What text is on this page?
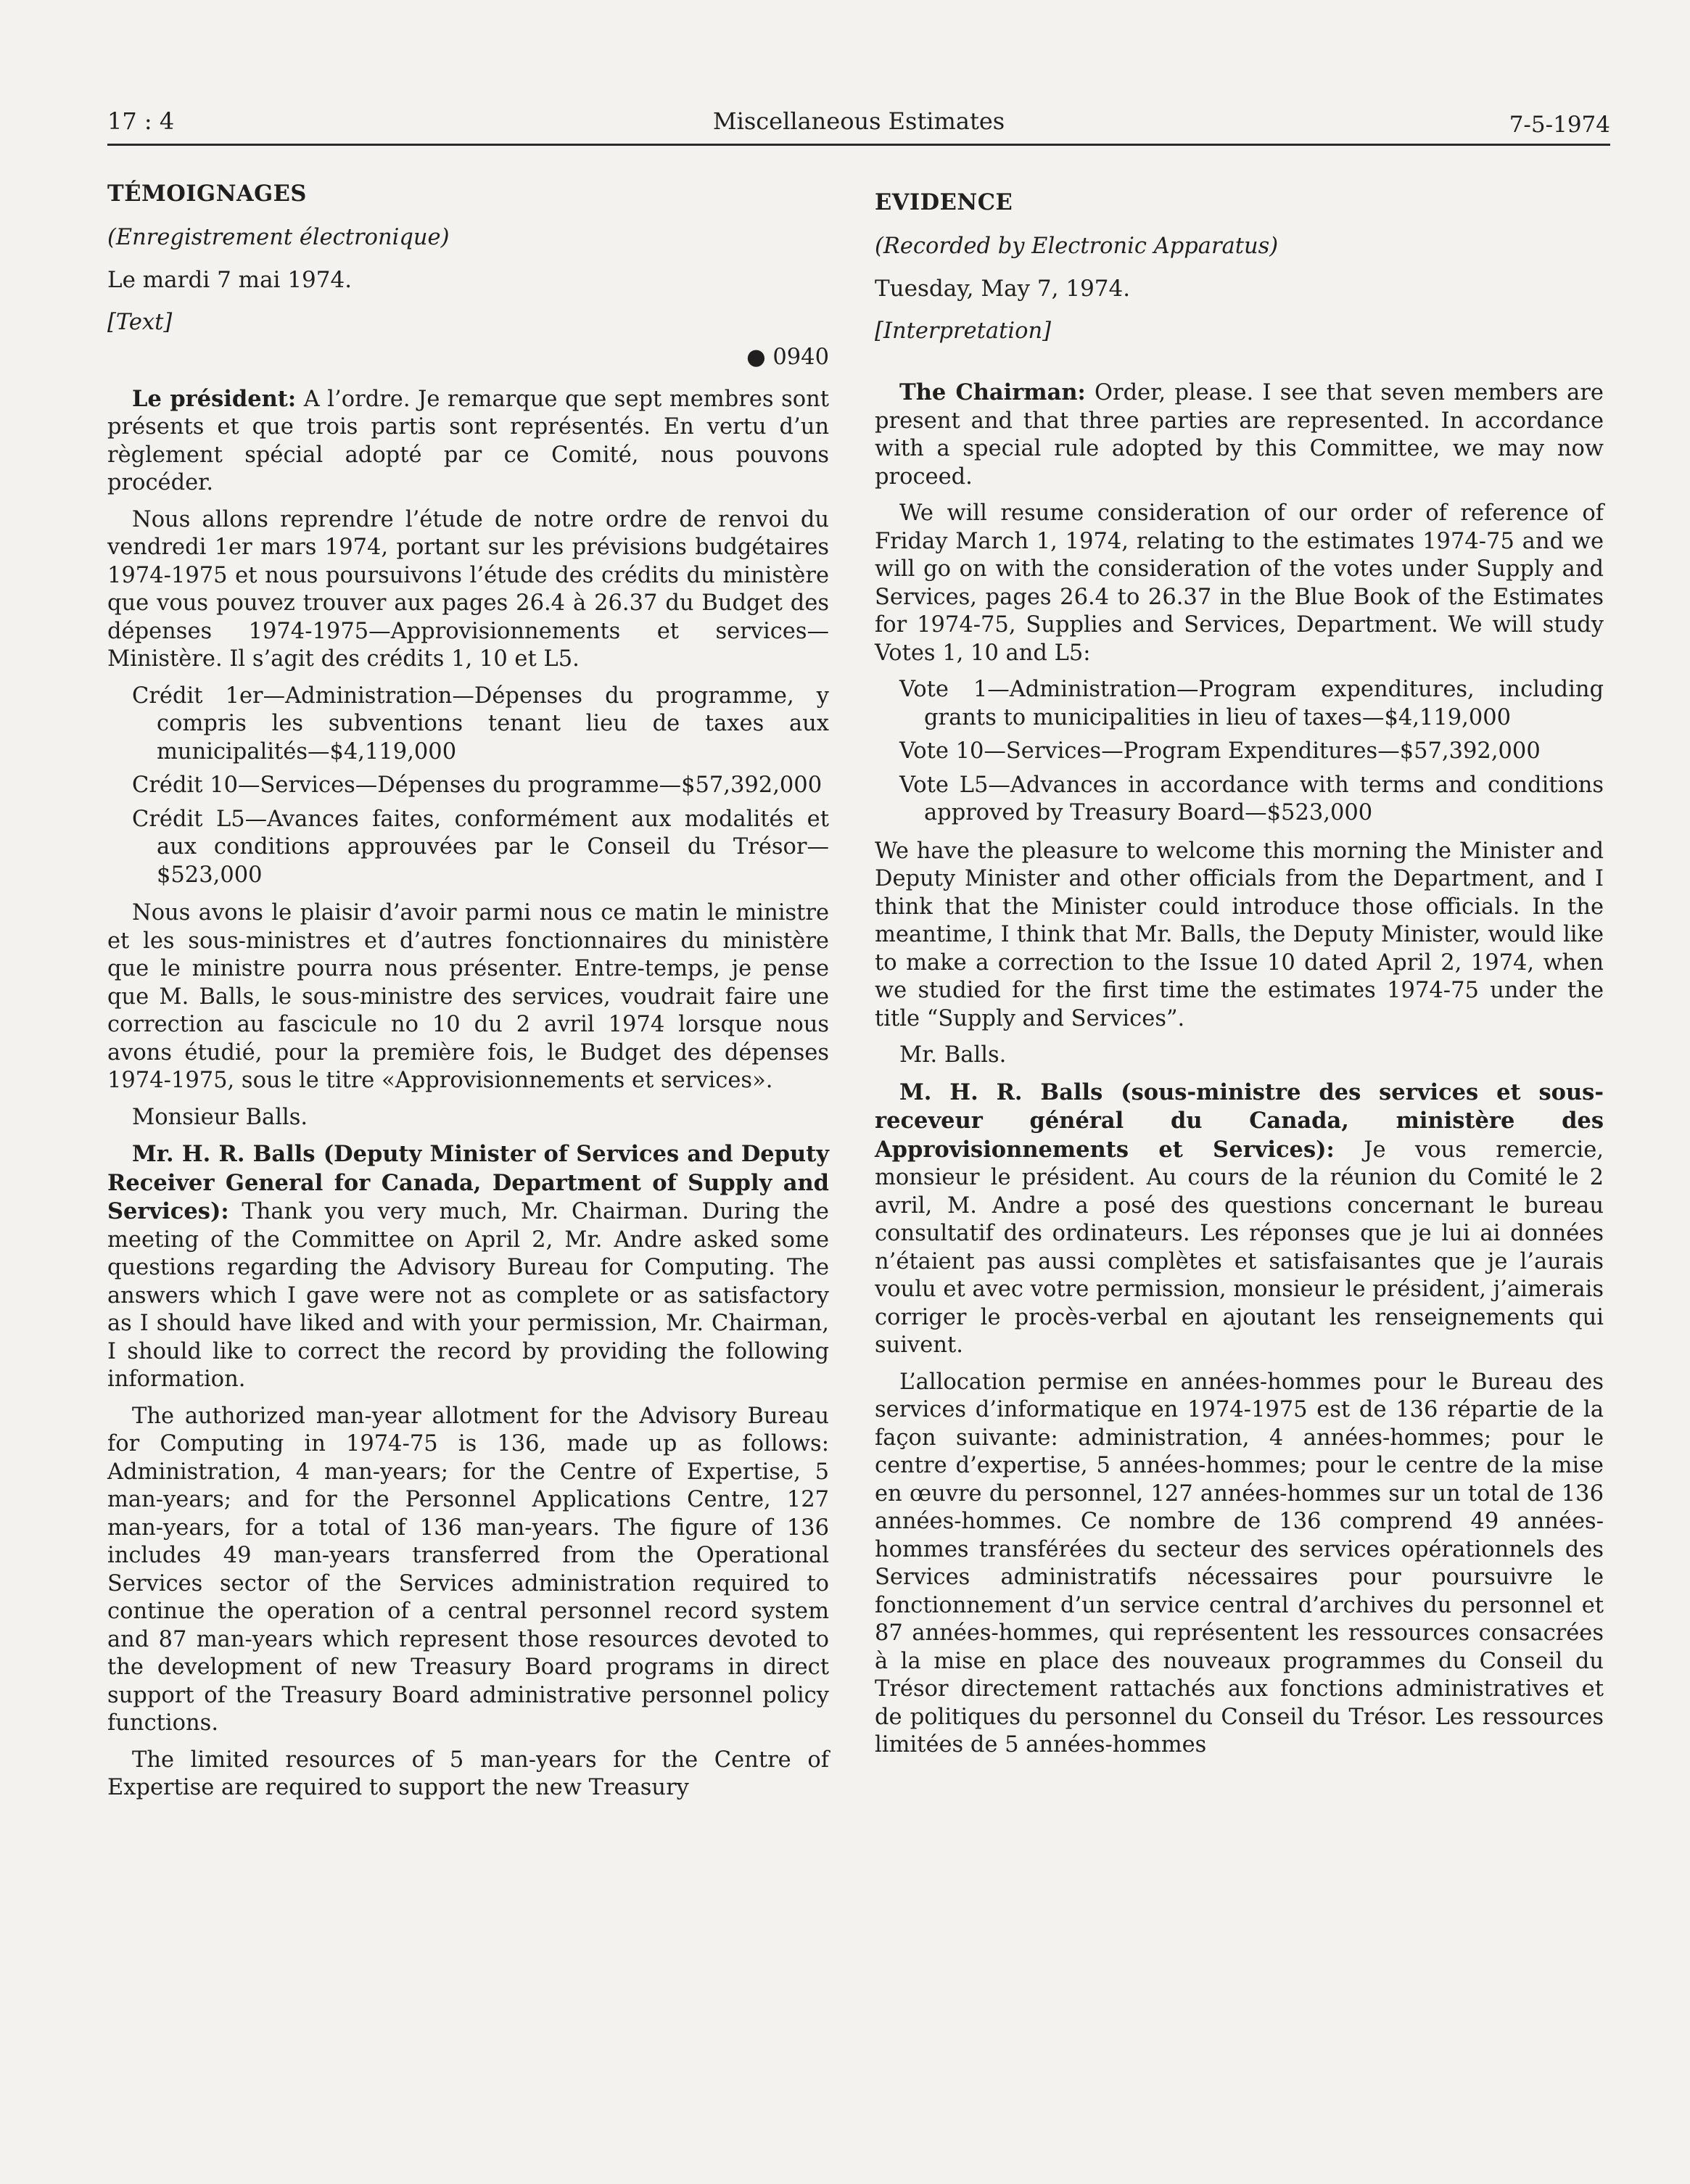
17 : 4	Miscellaneous Estimates	7-5-1974

TÉMOIGNAGES

(Enregistrement électronique)

Le mardi 7 mai 1974.

[Text]

● 0940

Le président: A l’ordre. Je remarque que sept membres sont présents et que trois partis sont représentés. En vertu d’un règlement spécial adopté par ce Comité, nous pouvons procéder.

Nous allons reprendre l’étude de notre ordre de renvoi du vendredi 1er mars 1974, portant sur les prévisions budgétaires 1974-1975 et nous poursuivons l’étude des crédits du ministère que vous pouvez trouver aux pages 26.4 à 26.37 du Budget des dépenses 1974-1975—Approvisionnements et services—Ministère. Il s’agit des crédits 1, 10 et L5.

Crédit 1er—Administration—Dépenses du programme, y compris les subventions tenant lieu de taxes aux municipalités—$4,119,000

Crédit 10—Services—Dépenses du programme—$57,392,000

Crédit L5—Avances faites, conformément aux modalités et aux conditions approuvées par le Conseil du Trésor—$523,000

Nous avons le plaisir d’avoir parmi nous ce matin le ministre et les sous-ministres et d’autres fonctionnaires du ministère que le ministre pourra nous présenter. Entre-temps, je pense que M. Balls, le sous-ministre des services, voudrait faire une correction au fascicule no 10 du 2 avril 1974 lorsque nous avons étudié, pour la première fois, le Budget des dépenses 1974-1975, sous le titre «Approvisionnements et services».

Monsieur Balls.

Mr. H. R. Balls (Deputy Minister of Services and Deputy Receiver General for Canada, Department of Supply and Services): Thank you very much, Mr. Chairman. During the meeting of the Committee on April 2, Mr. Andre asked some questions regarding the Advisory Bureau for Computing. The answers which I gave were not as complete or as satisfactory as I should have liked and with your permission, Mr. Chairman, I should like to correct the record by providing the following information.

The authorized man-year allotment for the Advisory Bureau for Computing in 1974-75 is 136, made up as follows: Administration, 4 man-years; for the Centre of Expertise, 5 man-years; and for the Personnel Applications Centre, 127 man-years, for a total of 136 man-years. The figure of 136 includes 49 man-years transferred from the Operational Services sector of the Services administration required to continue the operation of a central personnel record system and 87 man-years which represent those resources devoted to the development of new Treasury Board programs in direct support of the Treasury Board administrative personnel policy functions.

The limited resources of 5 man-years for the Centre of Expertise are required to support the new Treasury

EVIDENCE

(Recorded by Electronic Apparatus)

Tuesday, May 7, 1974.

[Interpretation]

The Chairman: Order, please. I see that seven members are present and that three parties are represented. In accordance with a special rule adopted by this Committee, we may now proceed.

We will resume consideration of our order of reference of Friday March 1, 1974, relating to the estimates 1974-75 and we will go on with the consideration of the votes under Supply and Services, pages 26.4 to 26.37 in the Blue Book of the Estimates for 1974-75, Supplies and Services, Department. We will study Votes 1, 10 and L5:

Vote 1—Administration—Program expenditures, including grants to municipalities in lieu of taxes—$4,119,000

Vote 10—Services—Program Expenditures—$57,392,000

Vote L5—Advances in accordance with terms and conditions approved by Treasury Board—$523,000

We have the pleasure to welcome this morning the Minister and Deputy Minister and other officials from the Department, and I think that the Minister could introduce those officials. In the meantime, I think that Mr. Balls, the Deputy Minister, would like to make a correction to the Issue 10 dated April 2, 1974, when we studied for the first time the estimates 1974-75 under the title “Supply and Services”.

Mr. Balls.

M. H. R. Balls (sous-ministre des services et sous-receveur général du Canada, ministère des Approvisionnements et Services): Je vous remercie, monsieur le président. Au cours de la réunion du Comité le 2 avril, M. Andre a posé des questions concernant le bureau consultatif des ordinateurs. Les réponses que je lui ai données n’étaient pas aussi complètes et satisfaisantes que je l’aurais voulu et avec votre permission, monsieur le président, j’aimerais corriger le procès-verbal en ajoutant les renseignements qui suivent.

L’allocation permise en années-hommes pour le Bureau des services d’informatique en 1974-1975 est de 136 répartie de la façon suivante: administration, 4 années-hommes; pour le centre d’expertise, 5 années-hommes; pour le centre de la mise en œuvre du personnel, 127 années-hommes sur un total de 136 années-hommes. Ce nombre de 136 comprend 49 années-hommes transférées du secteur des services opérationnels des Services administratifs nécessaires pour poursuivre le fonctionnement d’un service central d’archives du personnel et 87 années-hommes, qui représentent les ressources consacrées à la mise en place des nouveaux programmes du Conseil du Trésor directement rattachés aux fonctions administratives et de politiques du personnel du Conseil du Trésor. Les ressources limitées de 5 années-hommes
